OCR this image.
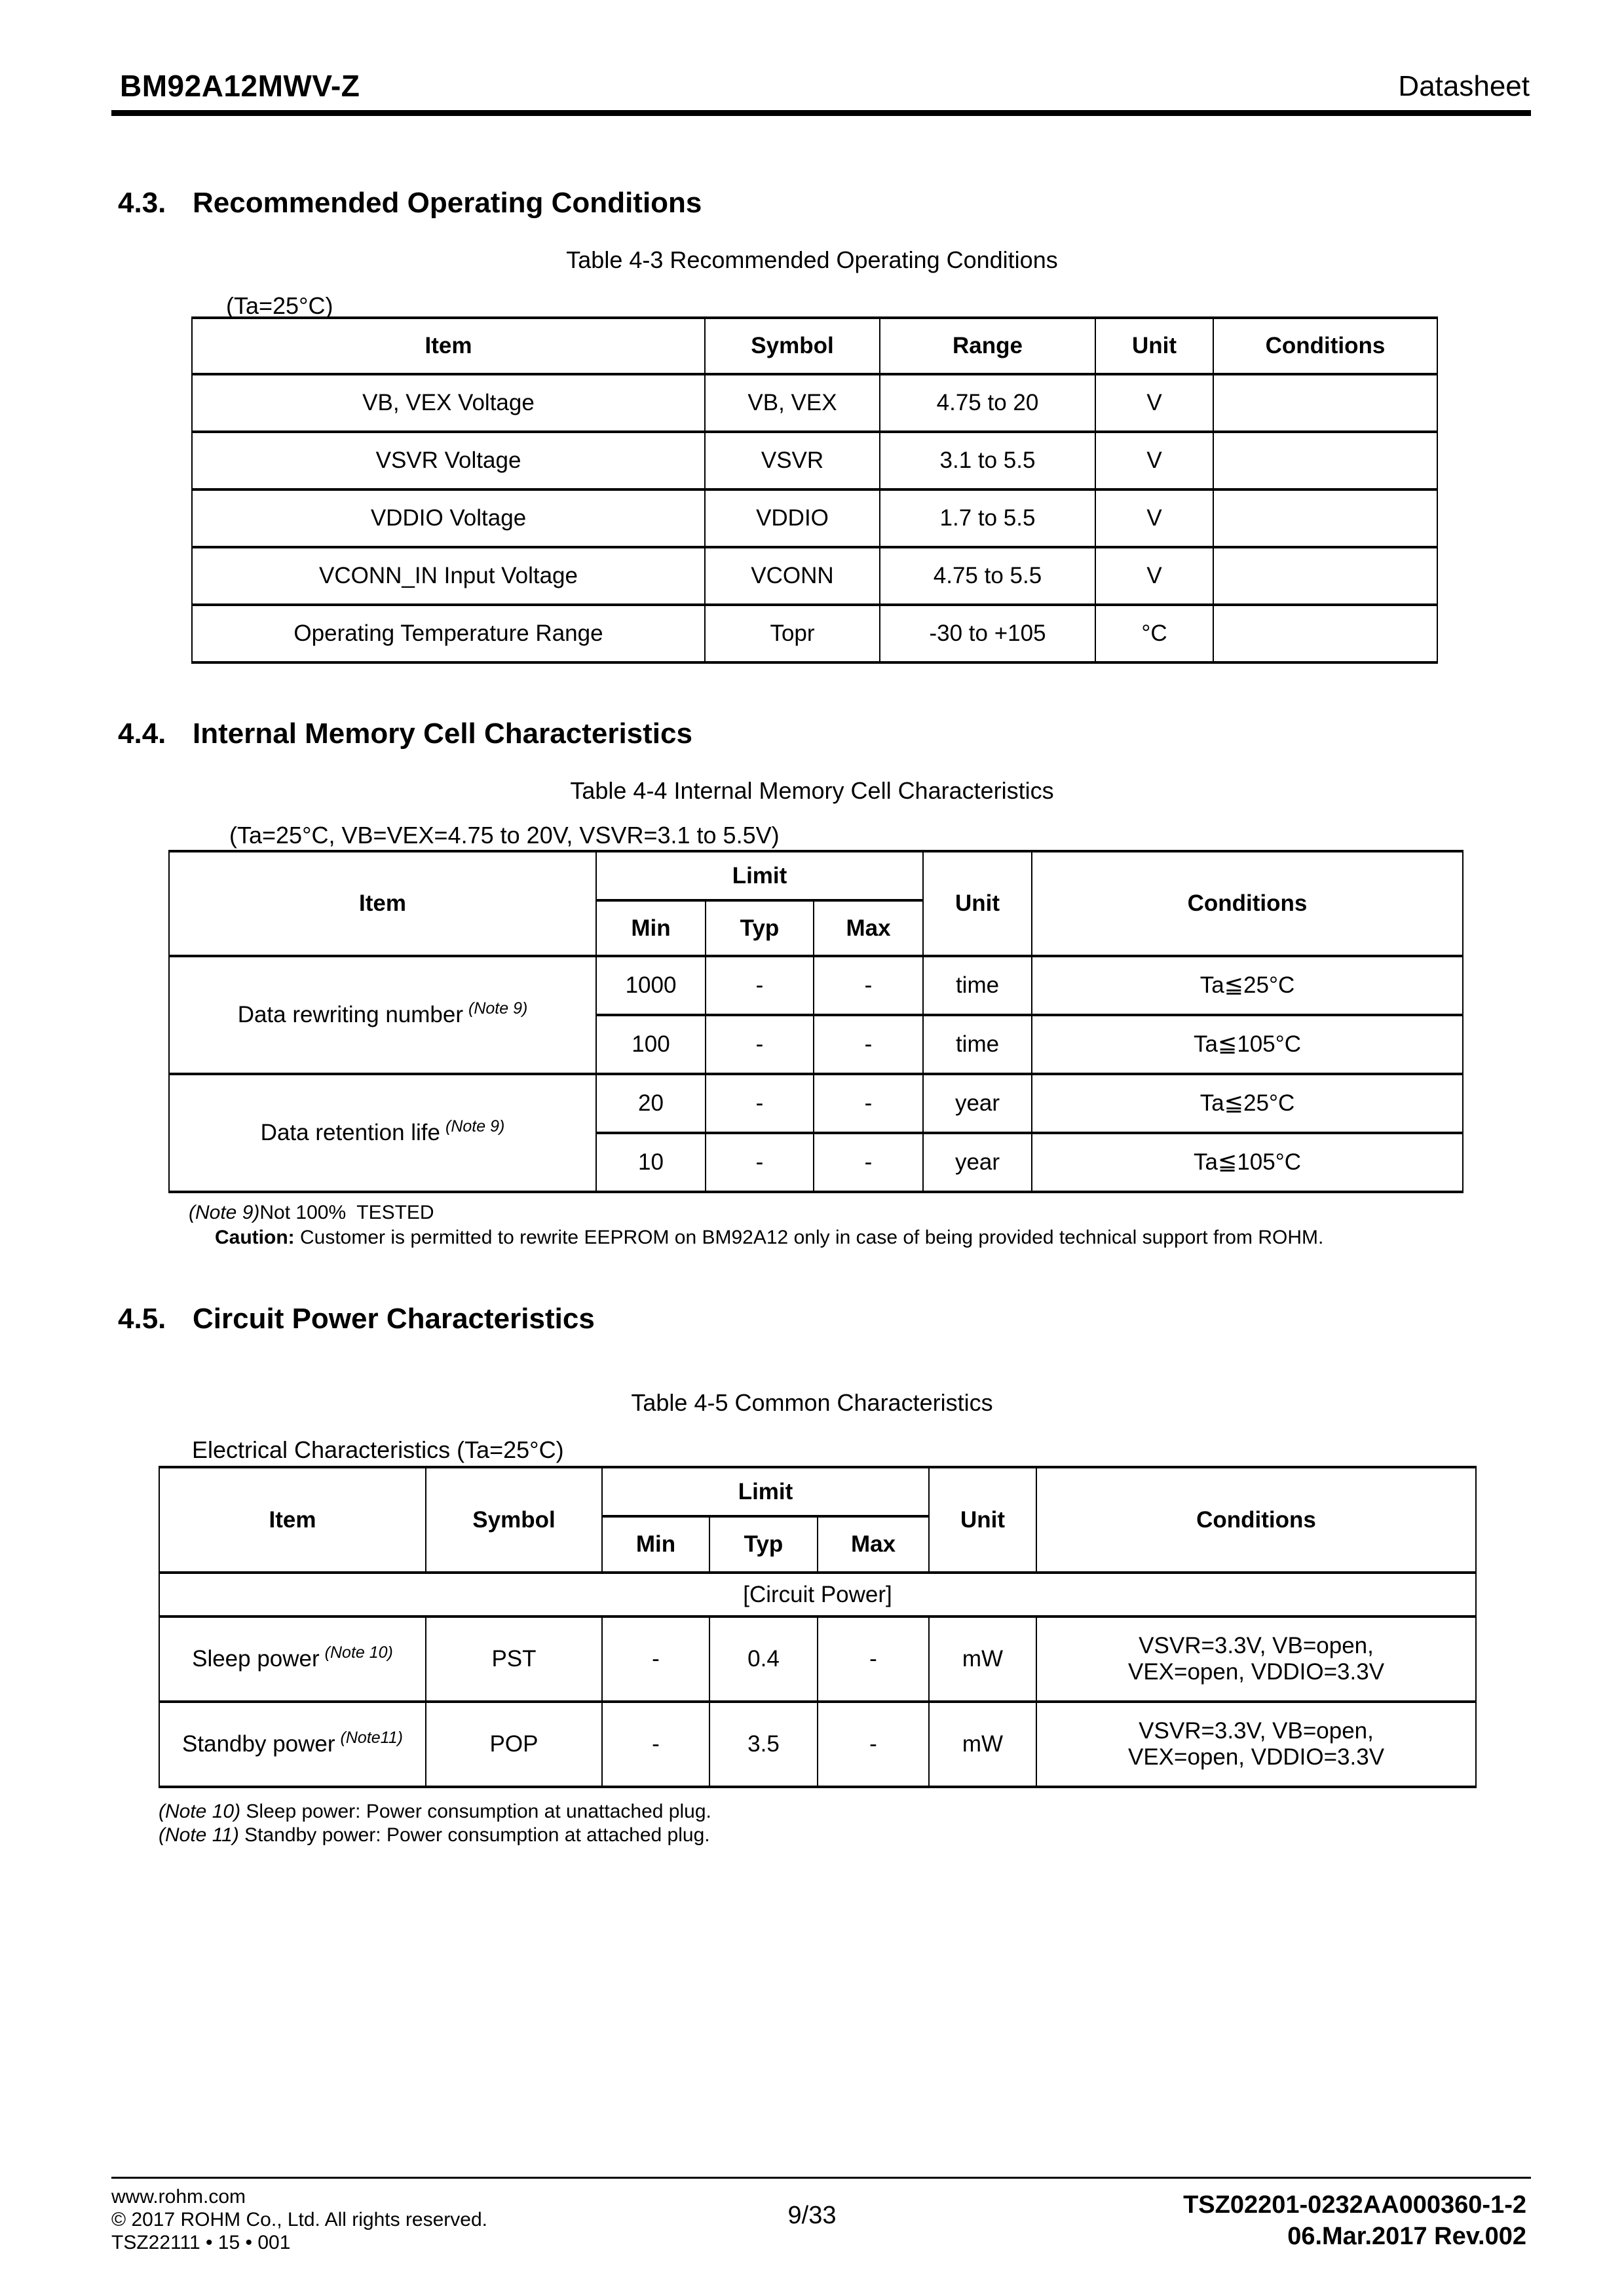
BM92A12MWV-Z	Datasheet
4.3. Recommended Operating Conditions
Table 4-3 Recommended Operating Conditions
(Ta=25°C)
Item	Symbol	Range	Unit	Conditions
VB, VEX Voltage	VB, VEX	4.75 to 20	V	
VSVR Voltage	VSVR	3.1 to 5.5	V	
VDDIO Voltage	VDDIO	1.7 to 5.5	V	
VCONN_IN Input Voltage	VCONN	4.75 to 5.5	V	
Operating Temperature Range	Topr	-30 to +105	°C	
4.4. Internal Memory Cell Characteristics
Table 4-4 Internal Memory Cell Characteristics
(Ta=25°C, VB=VEX=4.75 to 20V, VSVR=3.1 to 5.5V)
Item	Limit			Unit	Conditions
	Min	Typ	Max		
Data rewriting number $^{(Note 9)}$	1000	-	-	time	Ta≦25°C
	100	-	-	time	Ta≦105°C
Data retention life $^{(Note 9)}$	20	-	-	year	Ta≦25°C
	10	-	-	year	Ta≦105°C
(Note 9)Not 100%  TESTED
Caution: Customer is permitted to rewrite EEPROM on BM92A12 only in case of being provided technical support from ROHM.
4.5. Circuit Power Characteristics
Table 4-5 Common Characteristics
Electrical Characteristics (Ta=25°C)
Item	Symbol	Limit			Unit	Conditions
		Min	Typ	Max		
[Circuit Power]						
Sleep power $^{(Note 10)}$	PST	-	0.4	-	mW	VSVR=3.3V, VB=open,
VEX=open, VDDIO=3.3V

Standby power $^{(Note11)}$	POP	-	3.5	-	mW	VSVR=3.3V, VB=open,
VEX=open, VDDIO=3.3V
(Note 10) Sleep power: Power consumption at unattached plug.
(Note 11) Standby power: Power consumption at attached plug.
www.rohm.com
© 2017 ROHM Co., Ltd. All rights reserved.
TSZ22111 • 15 • 001
9/33	TSZ02201-0232AA000360-1-2
06.Mar.2017 Rev.002
